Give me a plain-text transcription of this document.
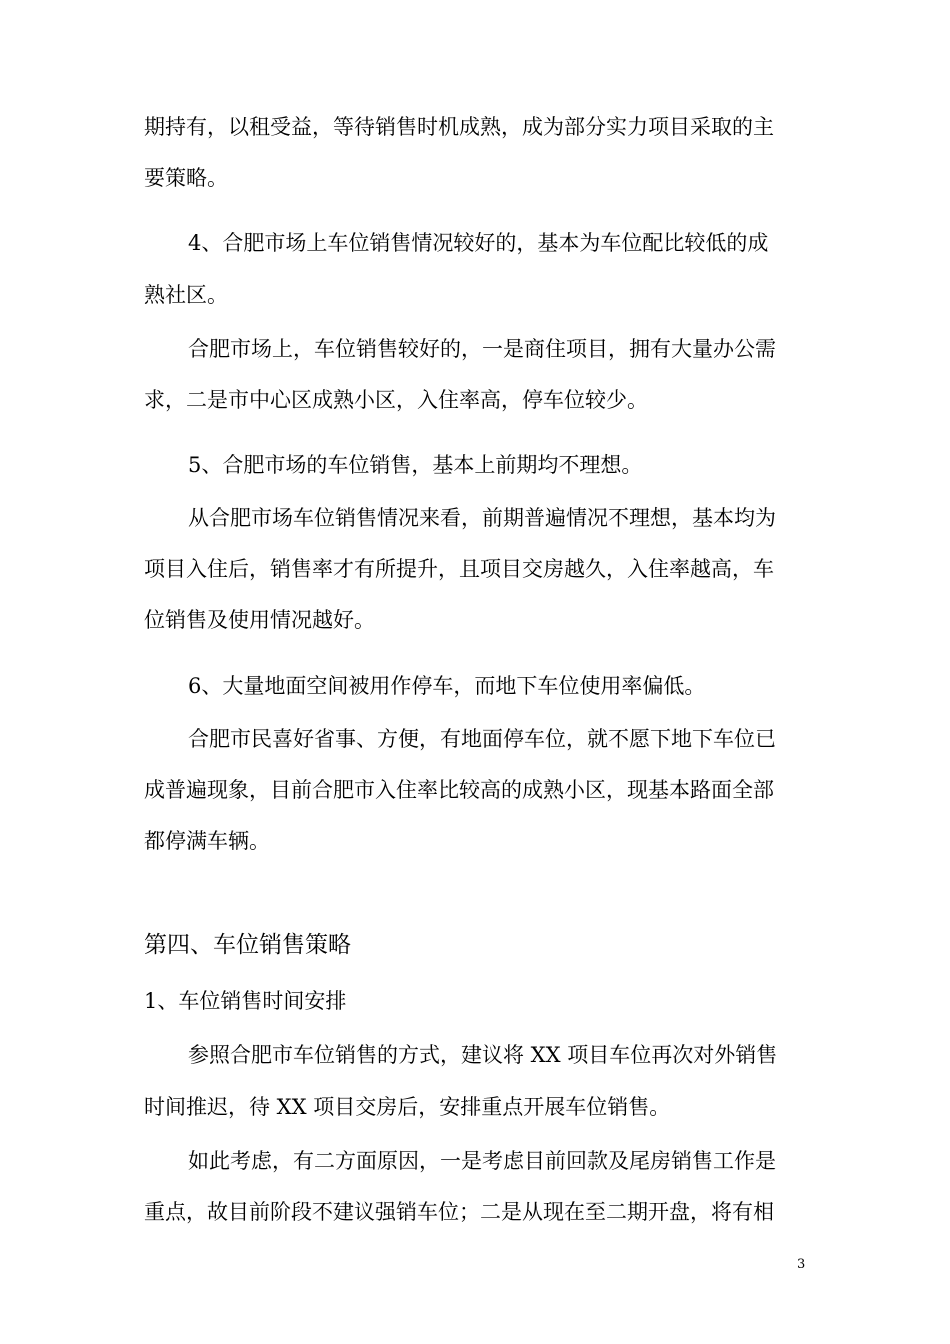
期持有，以租受益，等待销售时机成熟，成为部分实力项目采取的主
要策略。
4、合肥市场上车位销售情况较好的，基本为车位配比较低的成
熟社区。
合肥市场上，车位销售较好的，一是商住项目，拥有大量办公需
求，二是市中心区成熟小区，入住率高，停车位较少。
5、合肥市场的车位销售，基本上前期均不理想。
从合肥市场车位销售情况来看，前期普遍情况不理想，基本均为
项目入住后，销售率才有所提升，且项目交房越久，入住率越高，车
位销售及使用情况越好。
6、大量地面空间被用作停车，而地下车位使用率偏低。
合肥市民喜好省事、方便，有地面停车位，就不愿下地下车位已
成普遍现象，目前合肥市入住率比较高的成熟小区，现基本路面全部
都停满车辆。
第四、车位销售策略
1、车位销售时间安排
参照合肥市车位销售的方式，建议将 XX 项目车位再次对外销售
时间推迟，待 XX 项目交房后，安排重点开展车位销售。
如此考虑，有二方面原因，一是考虑目前回款及尾房销售工作是
重点，故目前阶段不建议强销车位；二是从现在至二期开盘，将有相
3
